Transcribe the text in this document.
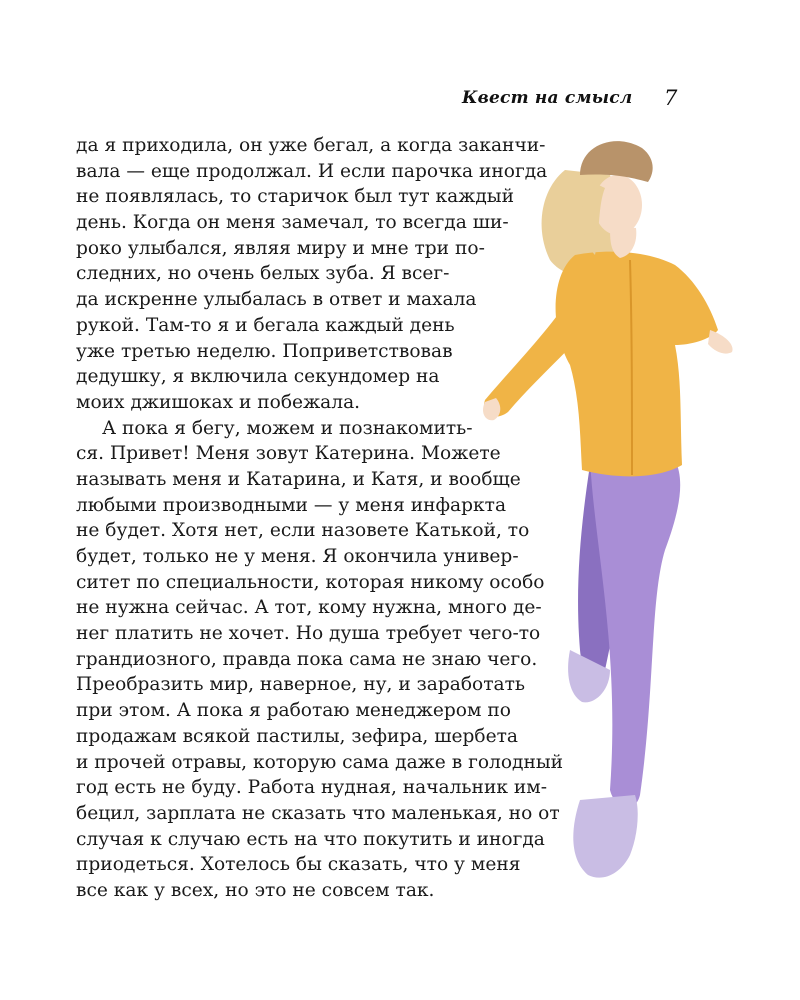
Квест на смысл 7
да я приходила, он уже бегал, а когда заканчи-
вала — еще продолжал. И если парочка иногда
не появлялась, то старичок был тут каждый
день. Когда он меня замечал, то всегда ши-
роко улыбался, являя миру и мне три по-
следних, но очень белых зуба. Я всег-
да искренне улыбалась в ответ и махала
рукой. Там-то я и бегала каждый день
уже третью неделю. Поприветствовав
дедушку, я включила секундомер на
моих джишоках и побежала.
А пока я бегу, можем и познакомить-
ся. Привет! Меня зовут Катерина. Можете
называть меня и Катарина, и Катя, и вообще
любыми производными — у меня инфаркта
не будет. Хотя нет, если назовете Катькой, то
будет, только не у меня. Я окончила универ-
ситет по специальности, которая никому особо
не нужна сейчас. А тот, кому нужна, много де-
нег платить не хочет. Но душа требует чего-то
грандиозного, правда пока сама не знаю чего.
Преобразить мир, наверное, ну, и заработать
при этом. А пока я работаю менеджером по
продажам всякой пастилы, зефира, шербета
и прочей отравы, которую сама даже в голодный
год есть не буду. Работа нудная, начальник им-
бецил, зарплата не сказать что маленькая, но от
случая к случаю есть на что покутить и иногда
приодеться. Хотелось бы сказать, что у меня
все как у всех, но это не совсем так.
